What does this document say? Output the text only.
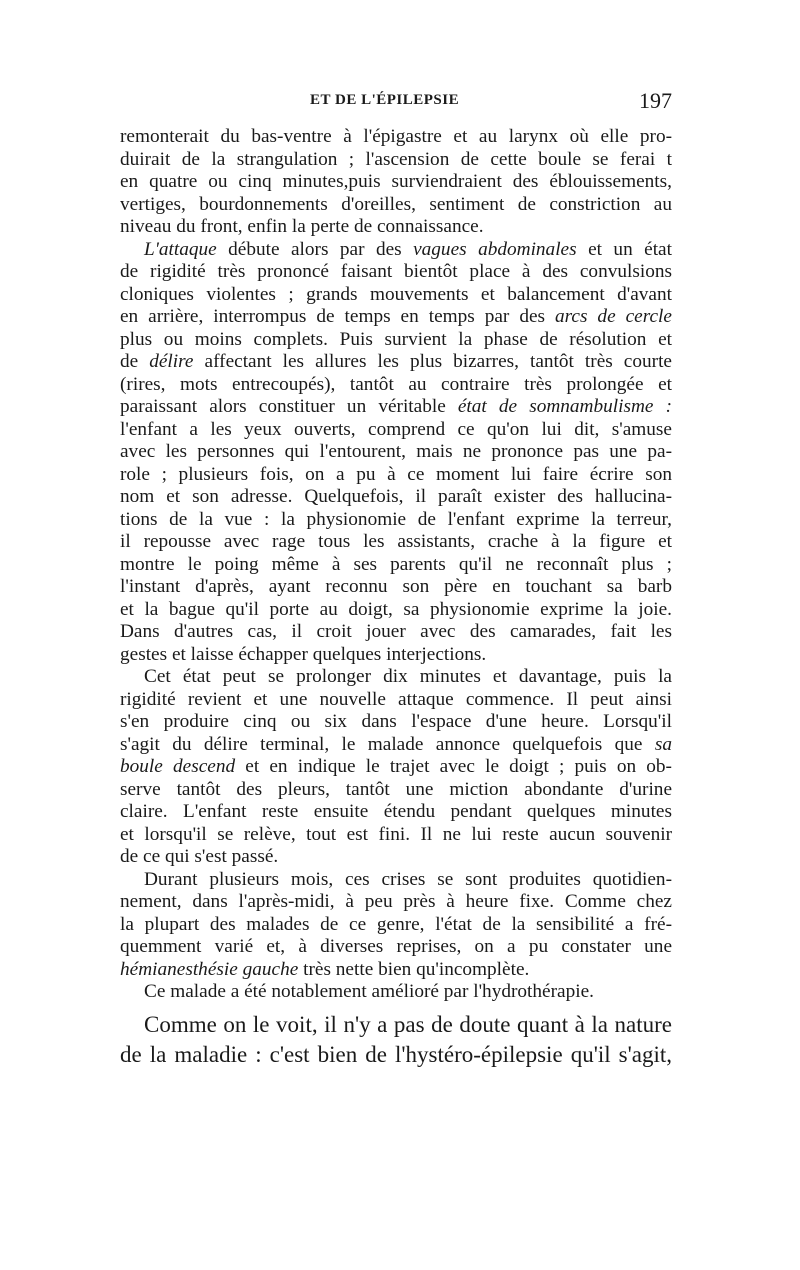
ET DE L'ÉPILEPSIE	197
remonterait du bas-ventre à l'épigastre et au larynx où elle pro-
duirait de la strangulation ; l'ascension de cette boule se ferai t
en quatre ou cinq minutes,puis surviendraient des éblouissements,
vertiges, bourdonnements d'oreilles, sentiment de constriction au
niveau du front, enfin la perte de connaissance.
L'attaque débute alors par des vagues abdominales et un état
de rigidité très prononcé faisant bientôt place à des convulsions
cloniques violentes ; grands mouvements et balancement d'avant
en arrière, interrompus de temps en temps par des arcs de cercle
plus ou moins complets. Puis survient la phase de résolution et
de délire affectant les allures les plus bizarres, tantôt très courte
(rires, mots entrecoupés), tantôt au contraire très prolongée et
paraissant alors constituer un véritable état de somnambulisme :
l'enfant a les yeux ouverts, comprend ce qu'on lui dit, s'amuse
avec les personnes qui l'entourent, mais ne prononce pas une pa-
role ; plusieurs fois, on a pu à ce moment lui faire écrire son
nom et son adresse. Quelquefois, il paraît exister des hallucina-
tions de la vue : la physionomie de l'enfant exprime la terreur,
il repousse avec rage tous les assistants, crache à la figure et
montre le poing même à ses parents qu'il ne reconnaît plus ;
l'instant d'après, ayant reconnu son père en touchant sa barb
et la bague qu'il porte au doigt, sa physionomie exprime la joie.
Dans d'autres cas, il croit jouer avec des camarades, fait les
gestes et laisse échapper quelques interjections.
Cet état peut se prolonger dix minutes et davantage, puis la
rigidité revient et une nouvelle attaque commence. Il peut ainsi
s'en produire cinq ou six dans l'espace d'une heure. Lorsqu'il
s'agit du délire terminal, le malade annonce quelquefois que sa
boule descend et en indique le trajet avec le doigt ; puis on ob-
serve tantôt des pleurs, tantôt une miction abondante d'urine
claire. L'enfant reste ensuite étendu pendant quelques minutes
et lorsqu'il se relève, tout est fini. Il ne lui reste aucun souvenir
de ce qui s'est passé.
Durant plusieurs mois, ces crises se sont produites quotidien-
nement, dans l'après-midi, à peu près à heure fixe. Comme chez
la plupart des malades de ce genre, l'état de la sensibilité a fré-
quemment varié et, à diverses reprises, on a pu constater une
hémianesthésie gauche très nette bien qu'incomplète.
Ce malade a été notablement amélioré par l'hydrothérapie.
Comme on le voit, il n'y a pas de doute quant à la nature
de la maladie : c'est bien de l'hystéro-épilepsie qu'il s'agit,
